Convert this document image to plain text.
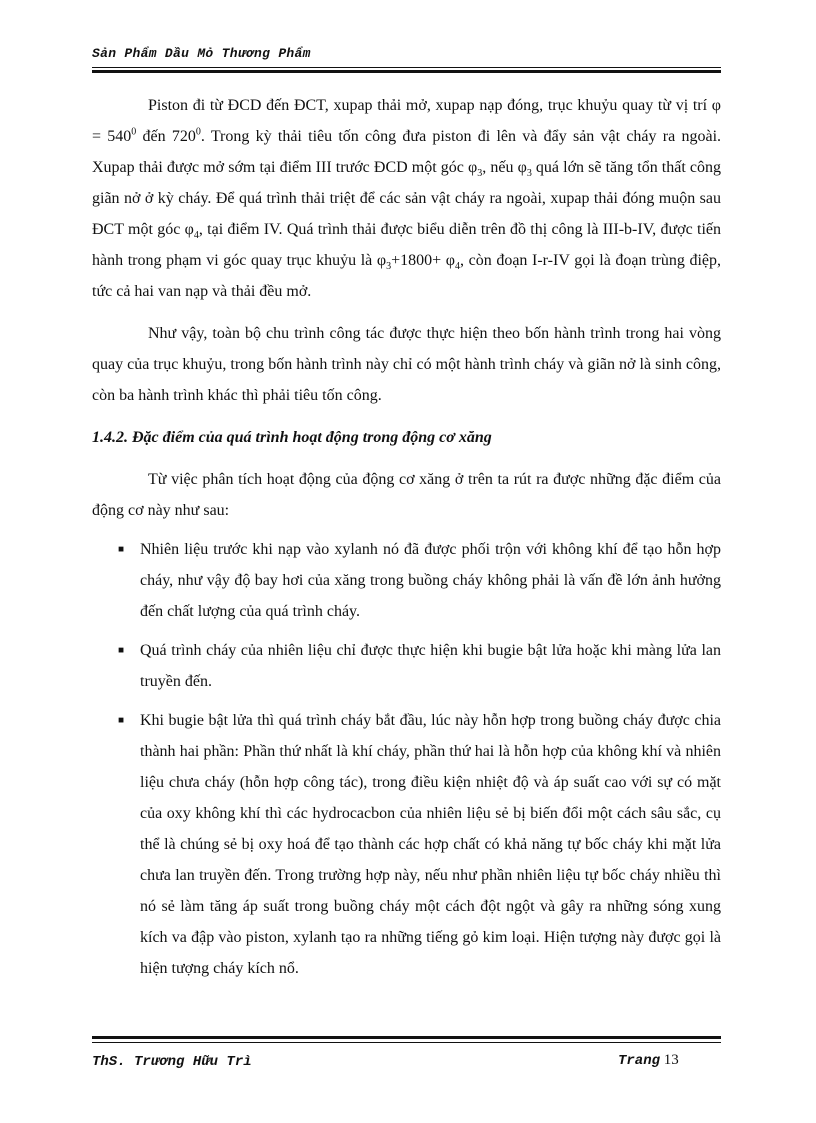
Sản Phẩm Dầu Mỏ Thương Phẩm

Piston đi từ ĐCD đến ĐCT, xupap thải mở, xupap nạp đóng, trục khuỷu quay từ vị trí $\varphi = 540^0$ đến $720^0$. Trong kỳ thải tiêu tốn công đưa piston đi lên và đẩy sản vật cháy ra ngoài. Xupap thải được mở sớm tại điểm III trước ĐCD một góc $\varphi_3$, nếu $\varphi_3$ quá lớn sẽ tăng tổn thất công giãn nở ở kỳ cháy. Để quá trình thải triệt để các sản vật cháy ra ngoài, xupap thải đóng muộn sau ĐCT một góc $\varphi_4$, tại điểm IV. Quá trình thải được biểu diễn trên đồ thị công là III-b-IV, được tiến hành trong phạm vi góc quay trục khuỷu là $\varphi_3+1800+ \varphi_4$, còn đoạn I-r-IV gọi là đoạn trùng điệp, tức cả hai van nạp và thải đều mở.

Như vậy, toàn bộ chu trình công tác được thực hiện theo bốn hành trình trong hai vòng quay của trục khuỷu, trong bốn hành trình này chỉ có một hành trình cháy và giãn nở là sinh công, còn ba hành trình khác thì phải tiêu tốn công.

1.4.2. Đặc điểm của quá trình hoạt động trong động cơ xăng

Từ việc phân tích hoạt động của động cơ xăng ở trên ta rút ra được những đặc điểm của động cơ này như sau:

■ Nhiên liệu trước khi nạp vào xylanh nó đã được phối trộn với không khí để tạo hỗn hợp cháy, như vậy độ bay hơi của xăng trong buồng cháy không phải là vấn đề lớn ảnh hưởng đến chất lượng của quá trình cháy.
■ Quá trình cháy của nhiên liệu chỉ được thực hiện khi bugie bật lửa hoặc khi màng lửa lan truyền đến.
■ Khi bugie bật lửa thì quá trình cháy bắt đầu, lúc này hỗn hợp trong buồng cháy được chia thành hai phần: Phần thứ nhất là khí cháy, phần thứ hai là hỗn hợp của không khí và nhiên liệu chưa cháy (hỗn hợp công tác), trong điều kiện nhiệt độ và áp suất cao với sự có mặt của oxy không khí thì các hydrocacbon của nhiên liệu sẻ bị biến đổi một cách sâu sắc, cụ thể là chúng sẻ bị oxy hoá để tạo thành các hợp chất có khả năng tự bốc cháy khi mặt lửa chưa lan truyền đến. Trong trường hợp này, nếu như phần nhiên liệu tự bốc cháy nhiều thì nó sẻ làm tăng áp suất trong buồng cháy một cách đột ngột và gây ra những sóng xung kích va đập vào piston, xylanh tạo ra những tiếng gỏ kim loại. Hiện tượng này được gọi là hiện tượng cháy kích nổ.
ThS. Trương Hữu Trì	Trang 13
